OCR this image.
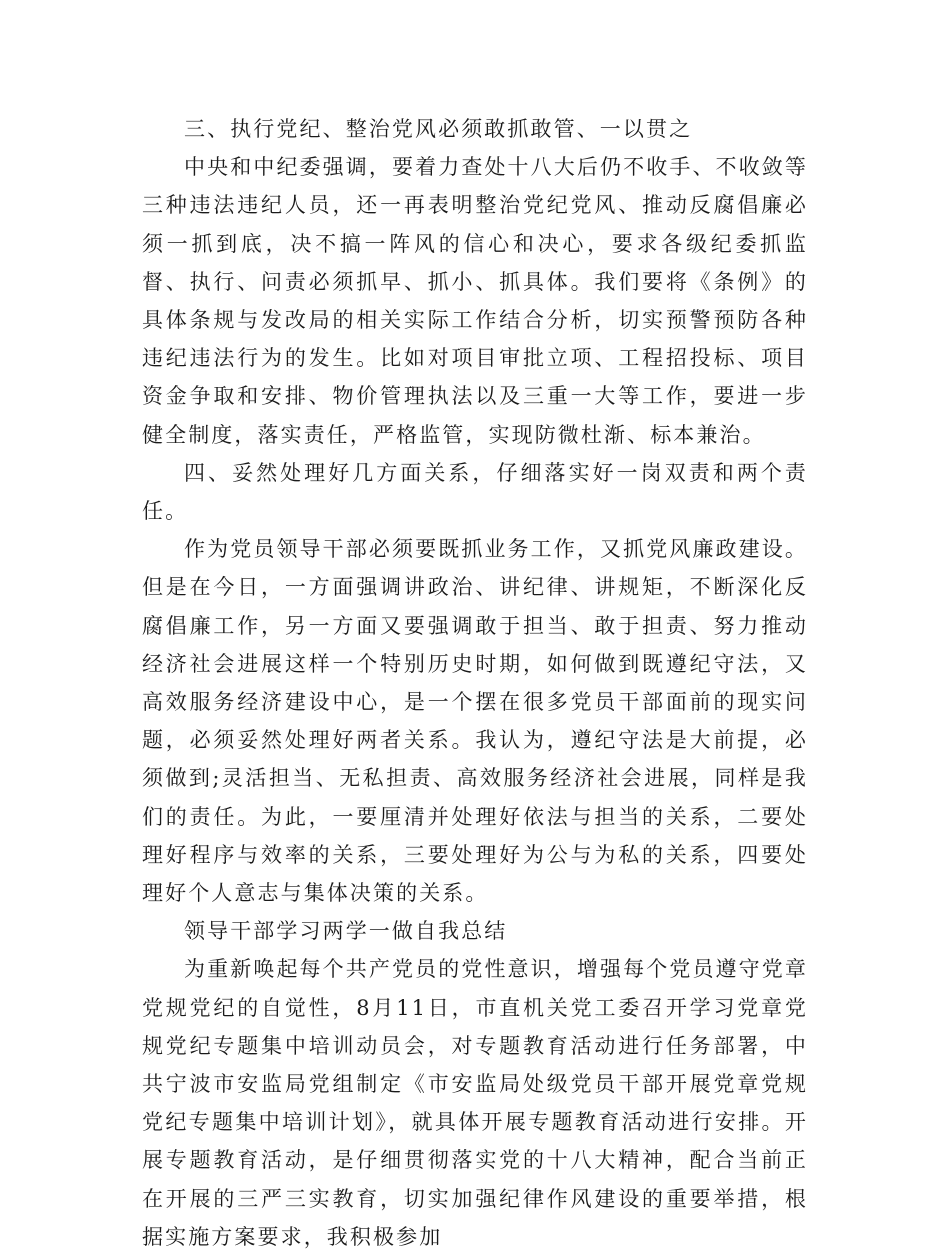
三、执行党纪、整治党风必须敢抓敢管、一以贯之

中央和中纪委强调，要着力查处十八大后仍不收手、不收敛等三种违法违纪人员，还一再表明整治党纪党风、推动反腐倡廉必须一抓到底，决不搞一阵风的信心和决心，要求各级纪委抓监督、执行、问责必须抓早、抓小、抓具体。我们要将《条例》的具体条规与发改局的相关实际工作结合分析，切实预警预防各种违纪违法行为的发生。比如对项目审批立项、工程招投标、项目资金争取和安排、物价管理执法以及三重一大等工作，要进一步健全制度，落实责任，严格监管，实现防微杜渐、标本兼治。

四、妥然处理好几方面关系，仔细落实好一岗双责和两个责任。

作为党员领导干部必须要既抓业务工作，又抓党风廉政建设。但是在今日，一方面强调讲政治、讲纪律、讲规矩，不断深化反腐倡廉工作，另一方面又要强调敢于担当、敢于担责、努力推动经济社会进展这样一个特别历史时期，如何做到既遵纪守法，又高效服务经济建设中心，是一个摆在很多党员干部面前的现实问题，必须妥然处理好两者关系。我认为，遵纪守法是大前提，必须做到;灵活担当、无私担责、高效服务经济社会进展，同样是我们的责任。为此，一要厘清并处理好依法与担当的关系，二要处理好程序与效率的关系，三要处理好为公与为私的关系，四要处理好个人意志与集体决策的关系。

领导干部学习两学一做自我总结

为重新唤起每个共产党员的党性意识，增强每个党员遵守党章党规党纪的自觉性，8月11日，市直机关党工委召开学习党章党规党纪专题集中培训动员会，对专题教育活动进行任务部署，中共宁波市安监局党组制定《市安监局处级党员干部开展党章党规党纪专题集中培训计划》，就具体开展专题教育活动进行安排。开展专题教育活动，是仔细贯彻落实党的十八大精神，配合当前正在开展的三严三实教育，切实加强纪律作风建设的重要举措，根据实施方案要求，我积极参加
